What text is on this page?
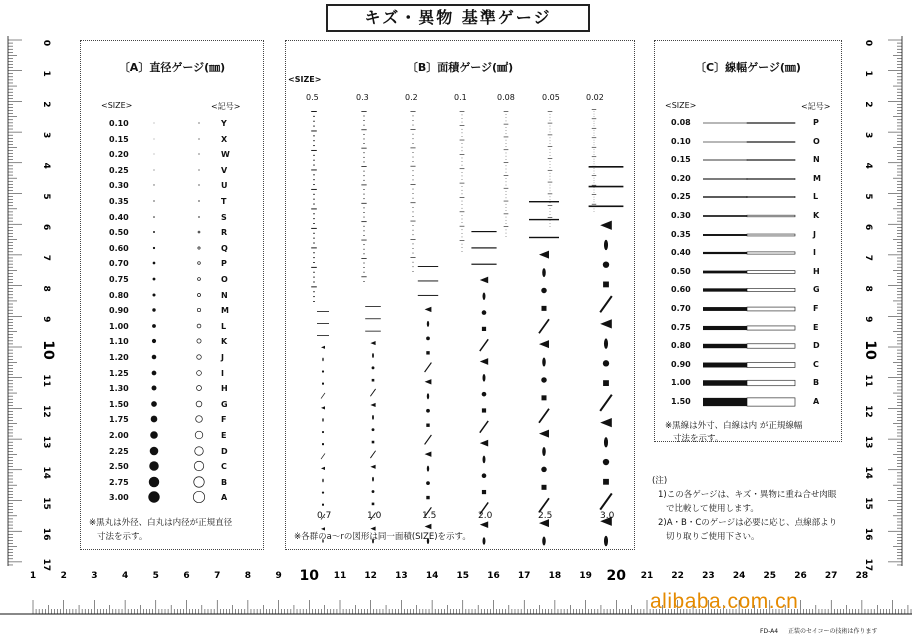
キズ・異物 基準ゲージ
0
1
2
3
4
5
6
7
8
9
10
11
12
13
14
15
16
17
0
1
2
3
4
5
6
7
8
9
10
11
12
13
14
15
16
17
1	2	3	4	5	6	7	8	9 10 11 12 13 14 15 16 17 18 19 20 21 22 23 24 25 26 27 28
〔A〕直径ゲージ(㎜)
<SIZE>	<記号>
※黒丸は外径、白丸は内径が正規直径
寸法を示す。
0.10	Y
0.15	X
0.20	W
0.25	V
0.30	U
0.35	T
0.40	S
0.50	R
0.60	Q
0.70	P
0.75	O
0.80	N
0.90	M
1.00	L
1.10	K
1.20	J
1.25	I
1.30	H
1.50	G
1.75	F
2.00	E
2.25	D
2.50	C
2.75	B
3.00	A
〔B〕面積ゲージ(㎟)
<SIZE>
※各群のa〜rの図形は同一面積(SIZE)を示す。
0.5	0.3	0.2	0.1	0.08	0.05	0.02
0.7	1.0	1.5	2.0	2.5	3.0
〔C〕線幅ゲージ(㎜)
<SIZE>	<記号>
※黒線は外寸、白線は内 が正規線幅
寸法を示す。
0.08	P
0.10	O
0.15	N
0.20	M
0.25	L
0.30	K
0.35	J
0.40	I
0.50	H
0.60	G
0.70	F
0.75	E
0.80	D
0.90	C
1.00	B
1.50	A
(注)
1)この各ゲージは、キズ・異物に重ね合せ肉眼
で比較して使用します。
2)A・B・Cのゲージは必要に応じ、点線部より
切り取りご使用下さい。
alibaba.com.cn
FD-A4 正装のセイコーの技術は作ります
